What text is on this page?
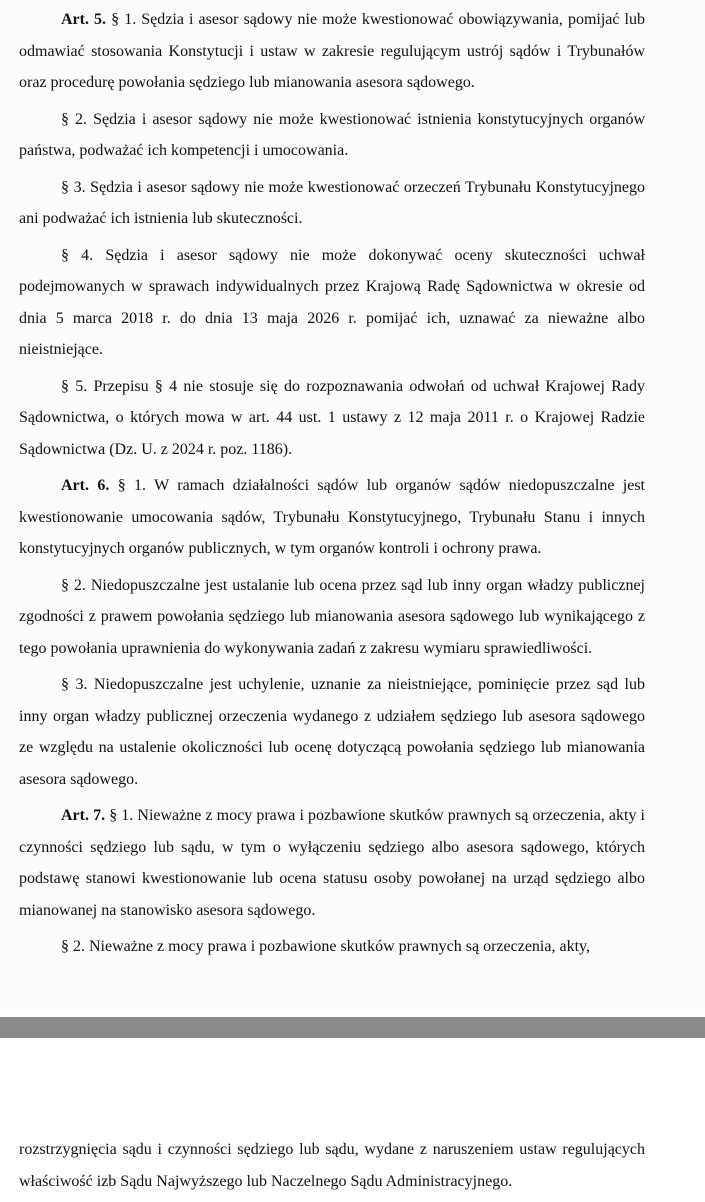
Art. 5. § 1. Sędzia i asesor sądowy nie może kwestionować obowiązywania, pomijać lub odmawiać stosowania Konstytucji i ustaw w zakresie regulującym ustrój sądów i Trybunałów oraz procedurę powołania sędziego lub mianowania asesora sądowego.

§ 2. Sędzia i asesor sądowy nie może kwestionować istnienia konstytucyjnych organów państwa, podważać ich kompetencji i umocowania.

§ 3. Sędzia i asesor sądowy nie może kwestionować orzeczeń Trybunału Konstytucyjnego ani podważać ich istnienia lub skuteczności.

§ 4. Sędzia i asesor sądowy nie może dokonywać oceny skuteczności uchwał podejmowanych w sprawach indywidualnych przez Krajową Radę Sądownictwa w okresie od dnia 5 marca 2018 r. do dnia 13 maja 2026 r. pomijać ich, uznawać za nieważne albo nieistniejące.

§ 5. Przepisu § 4 nie stosuje się do rozpoznawania odwołań od uchwał Krajowej Rady Sądownictwa, o których mowa w art. 44 ust. 1 ustawy z 12 maja 2011 r. o Krajowej Radzie Sądownictwa (Dz. U. z 2024 r. poz. 1186).

Art. 6. § 1. W ramach działalności sądów lub organów sądów niedopuszczalne jest kwestionowanie umocowania sądów, Trybunału Konstytucyjnego, Trybunału Stanu i innych konstytucyjnych organów publicznych, w tym organów kontroli i ochrony prawa.

§ 2. Niedopuszczalne jest ustalanie lub ocena przez sąd lub inny organ władzy publicznej zgodności z prawem powołania sędziego lub mianowania asesora sądowego lub wynikającego z tego powołania uprawnienia do wykonywania zadań z zakresu wymiaru sprawiedliwości.

§ 3. Niedopuszczalne jest uchylenie, uznanie za nieistniejące, pominięcie przez sąd lub inny organ władzy publicznej orzeczenia wydanego z udziałem sędziego lub asesora sądowego ze względu na ustalenie okoliczności lub ocenę dotyczącą powołania sędziego lub mianowania asesora sądowego.

Art. 7. § 1. Nieważne z mocy prawa i pozbawione skutków prawnych są orzeczenia, akty i czynności sędziego lub sądu, w tym o wyłączeniu sędziego albo asesora sądowego, których podstawę stanowi kwestionowanie lub ocena statusu osoby powołanej na urząd sędziego albo mianowanej na stanowisko asesora sądowego.

§ 2. Nieważne z mocy prawa i pozbawione skutków prawnych są orzeczenia, akty,

rozstrzygnięcia sądu i czynności sędziego lub sądu, wydane z naruszeniem ustaw regulujących właściwość izb Sądu Najwyższego lub Naczelnego Sądu Administracyjnego.
